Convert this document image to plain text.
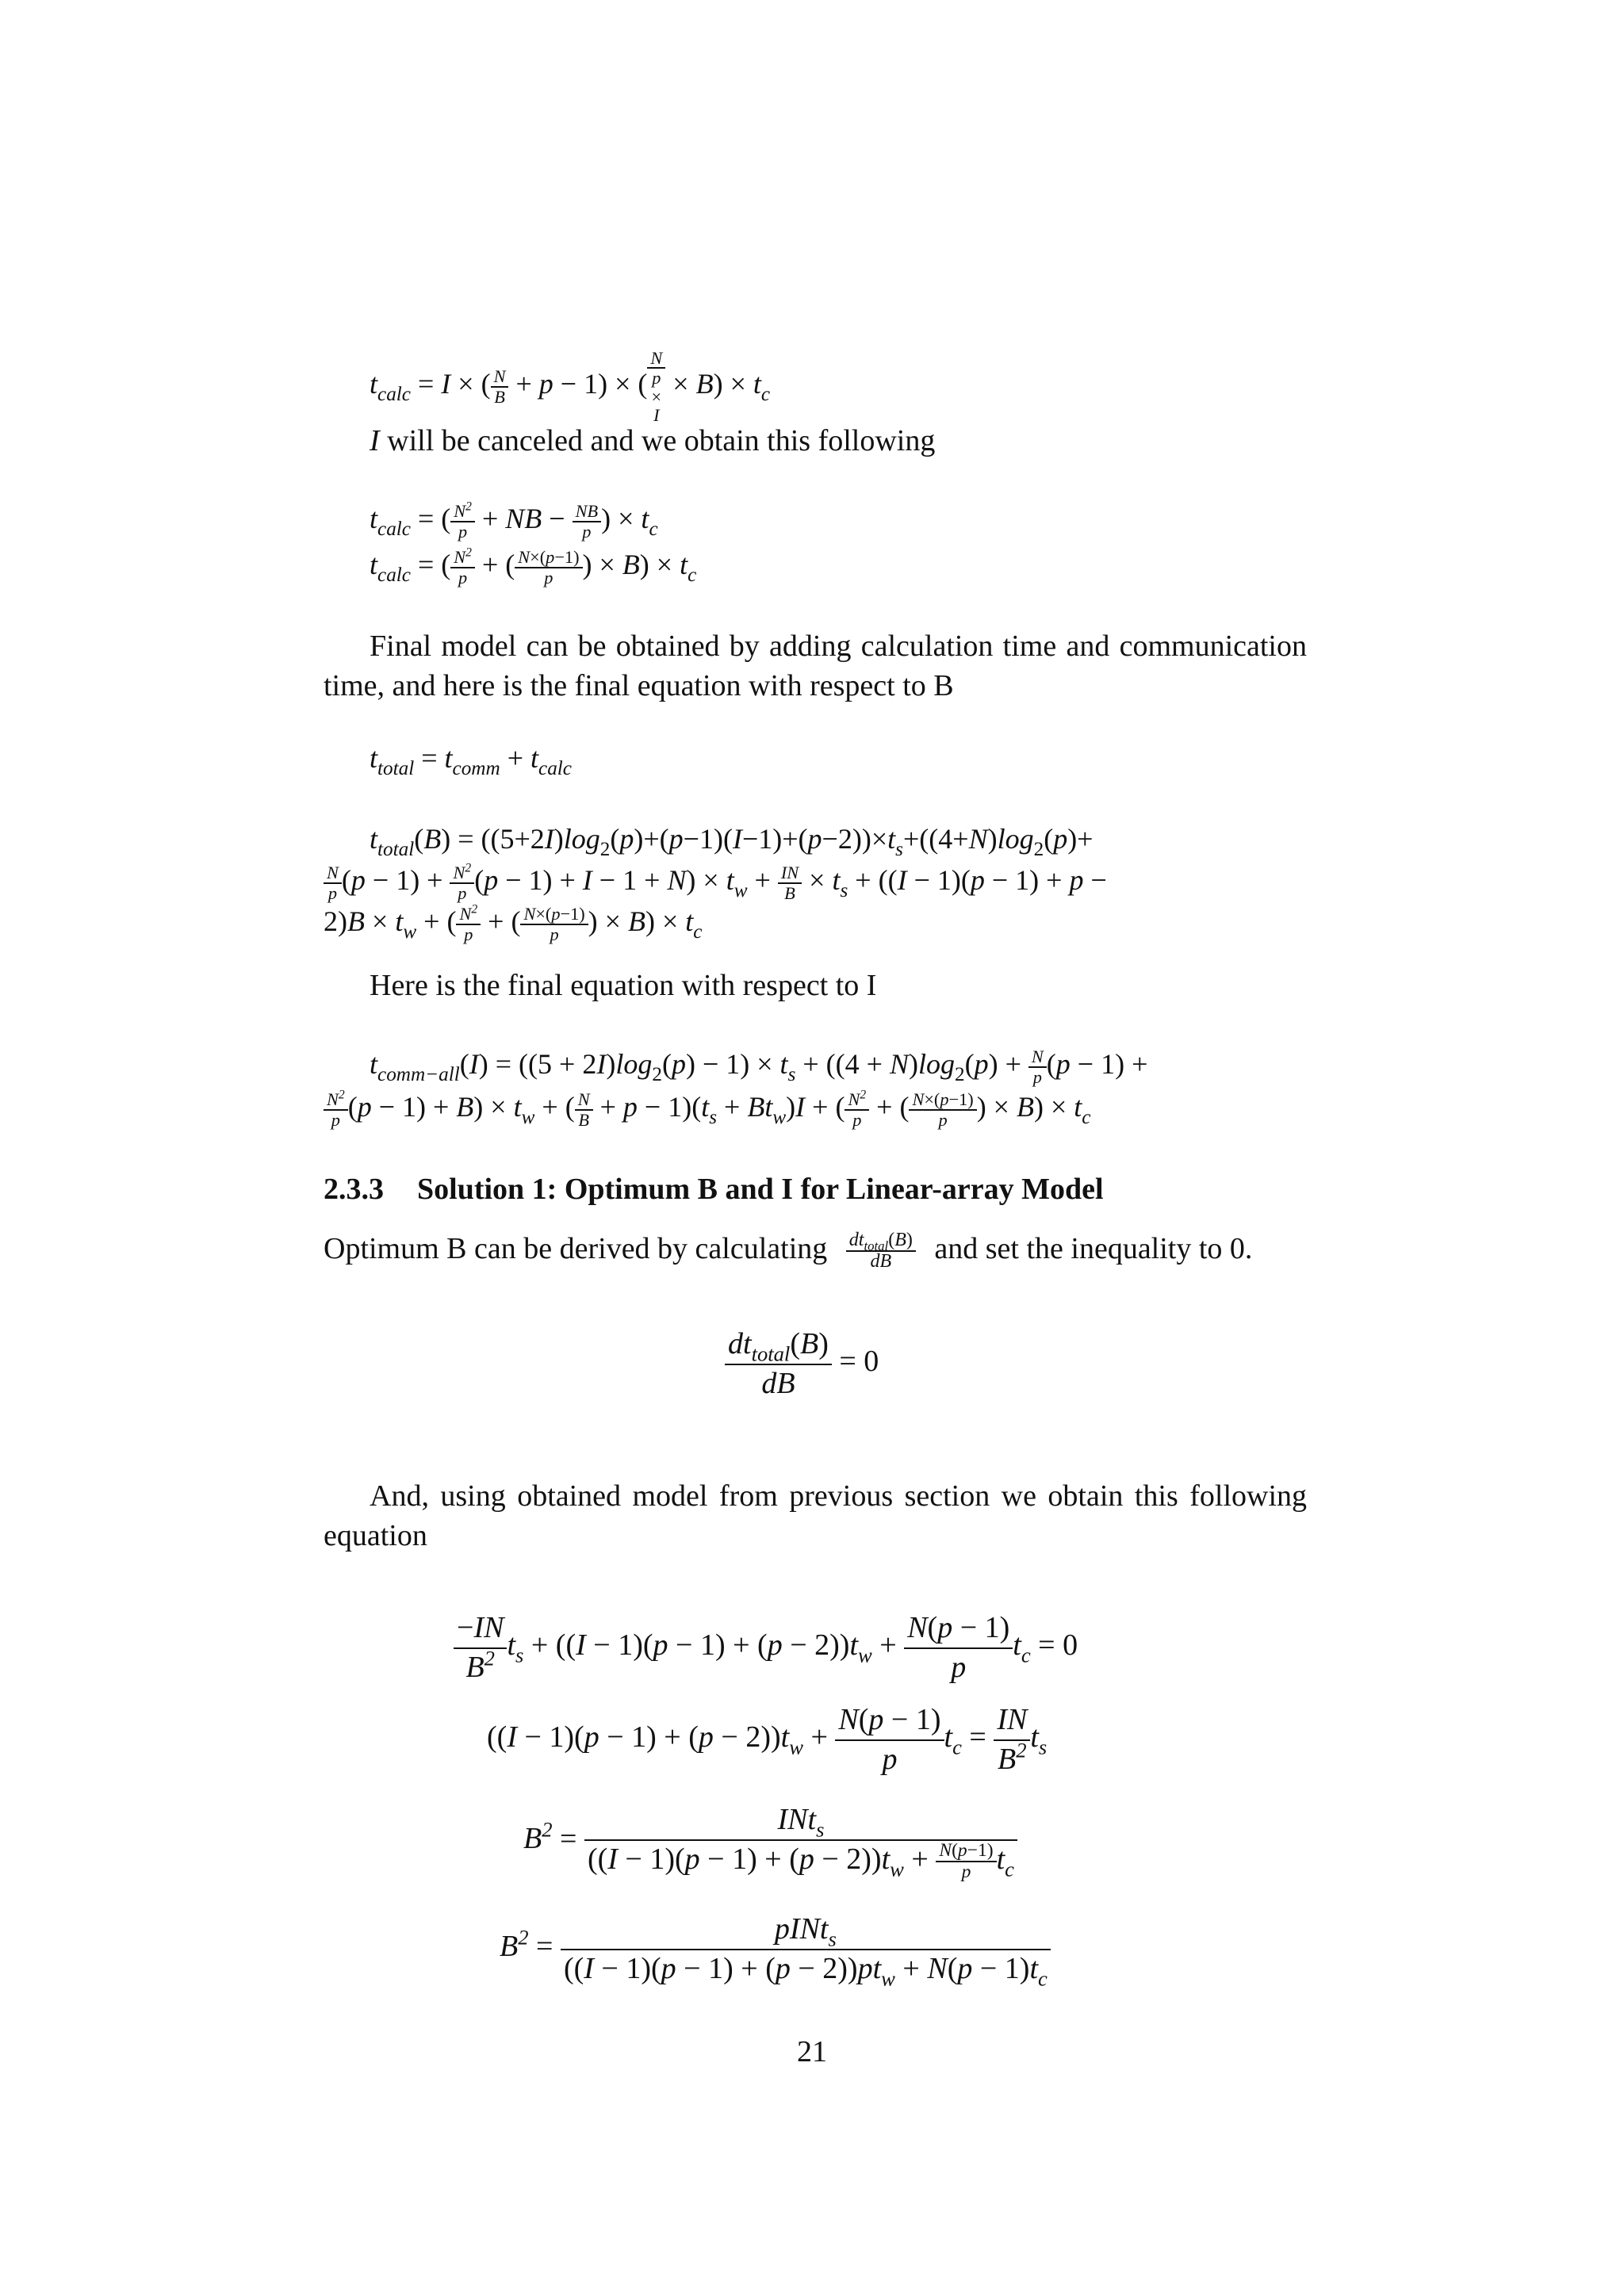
$t_{calc} = I$ × ( $\frac{N}{B} + p - 1$) × (
N
p
×
I
× $B) \times t_c$
I will be canceled and we obtain this following
$t_{calc}$ = ( $\frac{N^2}{p}$ + NB − $\frac{NB}{p}$ ) × $t_c$
$t_{calc}$ = ( $\frac{N^2}{p}$ + ( $\frac{N\times(p-1)}{p}$ ) × $B) \times t_c$
Final model can be obtained by adding calculation time and communication time, and here is the final equation with respect to B
$t_{total} = t_{comm} + t_{calc}$
$t_{total}(B) = ((5+2I)\log_2(p)+(p-1)(I-1)+(p-2))\times t_s+((4+N)\log_2(p)+$
$\frac{N}{p} (p - 1) + \frac{N^2}{p} (p - 1) + I - 1 + N) \times t_w + \frac{IN}{B} \times t_s + ((I - 1)(p - 1) + p$ −
$2)B \times t_w$ + ( $\frac{N^2}{p}$ + ( $\frac{N\times(p-1)}{p}$ ) × $B) \times t_c$
Here is the final equation with respect to I
$t_{comm-all}(I) = ((5 + 2I)\log_2(p) - 1) \times t_s + ((4 + N)\log_2(p) + \frac{N}{p} (p - 1)$ +
$\frac{N^2}{p} (p - 1) + B) \times t_w$ + ( $\frac{N}{B} + p - 1)(t_s + Bt_w)I$ + ( $\frac{N^2}{p}$ + ( $\frac{N\times(p-1)}{p}$ ) × $B) \times t_c$
2.3.3 Solution 1: Optimum B and I for Linear-array Model
Optimum B can be derived by calculating $dt_{total}(B)$
dB	and set the inequality to 0.
$dt_{total}(B)$
dB
= 0
And, using obtained model from previous section we obtain this following equation
$\frac{-IN}{B^2} t_s + ((I - 1)(p - 1) + (p - 2))t_w + \frac{N(p - 1)}{p} t_c = 0$
$((I - 1)(p - 1) + (p - 2))t_w + \frac{N(p - 1)}{p} t_c = \frac{IN}{B^2} t_s$
$B^2$ =
INt$_s$
$((I - 1)(p - 1) + (p - 2))t_w + \frac{N(p-1)}{p} t_c$
$B^2$ =
pINt$_s$
$((I - 1)(p - 1) + (p - 2))pt_w + N(p - 1)t_c$
21
